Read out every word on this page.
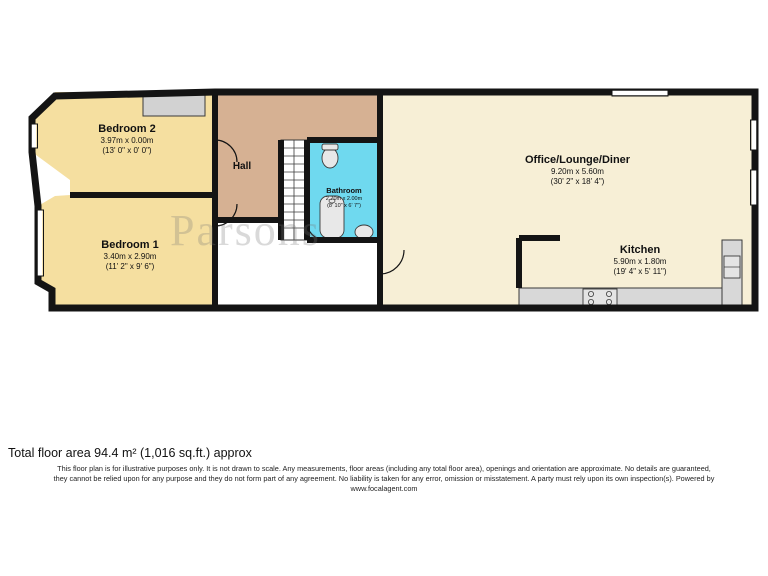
Bedroom 2
3.97m x 0.00m
(13' 0" x 0' 0")
Bedroom 1
3.40m x 2.90m
(11' 2" x 9' 6")
Hall
Bathroom
2.70m x 2.00m
(8' 10" x 6' 7")
Office/Lounge/Diner
9.20m x 5.60m
(30' 2" x 18' 4")
Kitchen
5.90m x 1.80m
(19' 4" x 5' 11")
Parsons
Total floor area 94.4 m² (1,016 sq.ft.) approx
This floor plan is for illustrative purposes only. It is not drawn to scale. Any measurements, floor areas (including any total floor area), openings and orientation are approximate. No details are guaranteed,
they cannot be relied upon for any purpose and they do not form part of any agreement. No liability is taken for any error, omission or misstatement. A party must rely upon its own inspection(s). Powered by
www.focalagent.com
